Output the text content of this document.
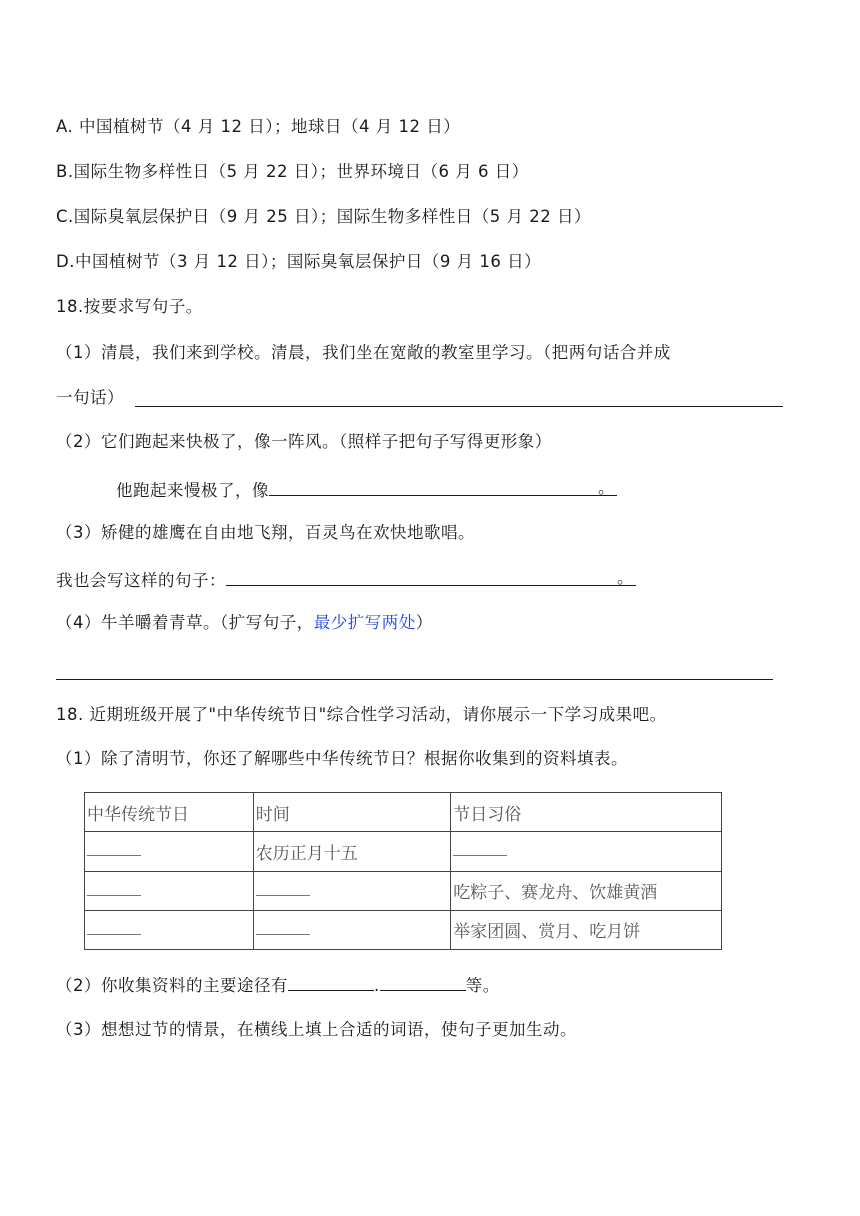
A. 中国植树节（4 月 12 日）；地球日（4 月 12 日）
B.国际生物多样性日（5 月 22 日）；世界环境日（6 月 6 日）
C.国际臭氧层保护日（9 月 25 日）；国际生物多样性日（5 月 22 日）
D.中国植树节（3 月 12 日）；国际臭氧层保护日（9 月 16 日）
18.按要求写句子。
（1）清晨，我们来到学校。清晨，我们坐在宽敞的教室里学习。（把两句话合并成
一句话）
（2）它们跑起来快极了，像一阵风。（照样子把句子写得更形象）
他跑起来慢极了，像	。
（3）矫健的雄鹰在自由地飞翔，百灵鸟在欢快地歌唱。
我也会写这样的句子：	。
（4）牛羊嚼着青草。（扩写句子，最少扩写两处）
18. 近期班级开展了"中华传统节日"综合性学习活动，请你展示一下学习成果吧。
（1）除了清明节，你还了解哪些中华传统节日？根据你收集到的资料填表。
中华传统节日	时间	节日习俗
	农历正月十五	
		吃粽子、赛龙舟、饮雄黄酒
		举家团圆、赏月、吃月饼
（2）你收集资料的主要途径有	.	等。
（3）想想过节的情景，在横线上填上合适的词语，使句子更加生动。
